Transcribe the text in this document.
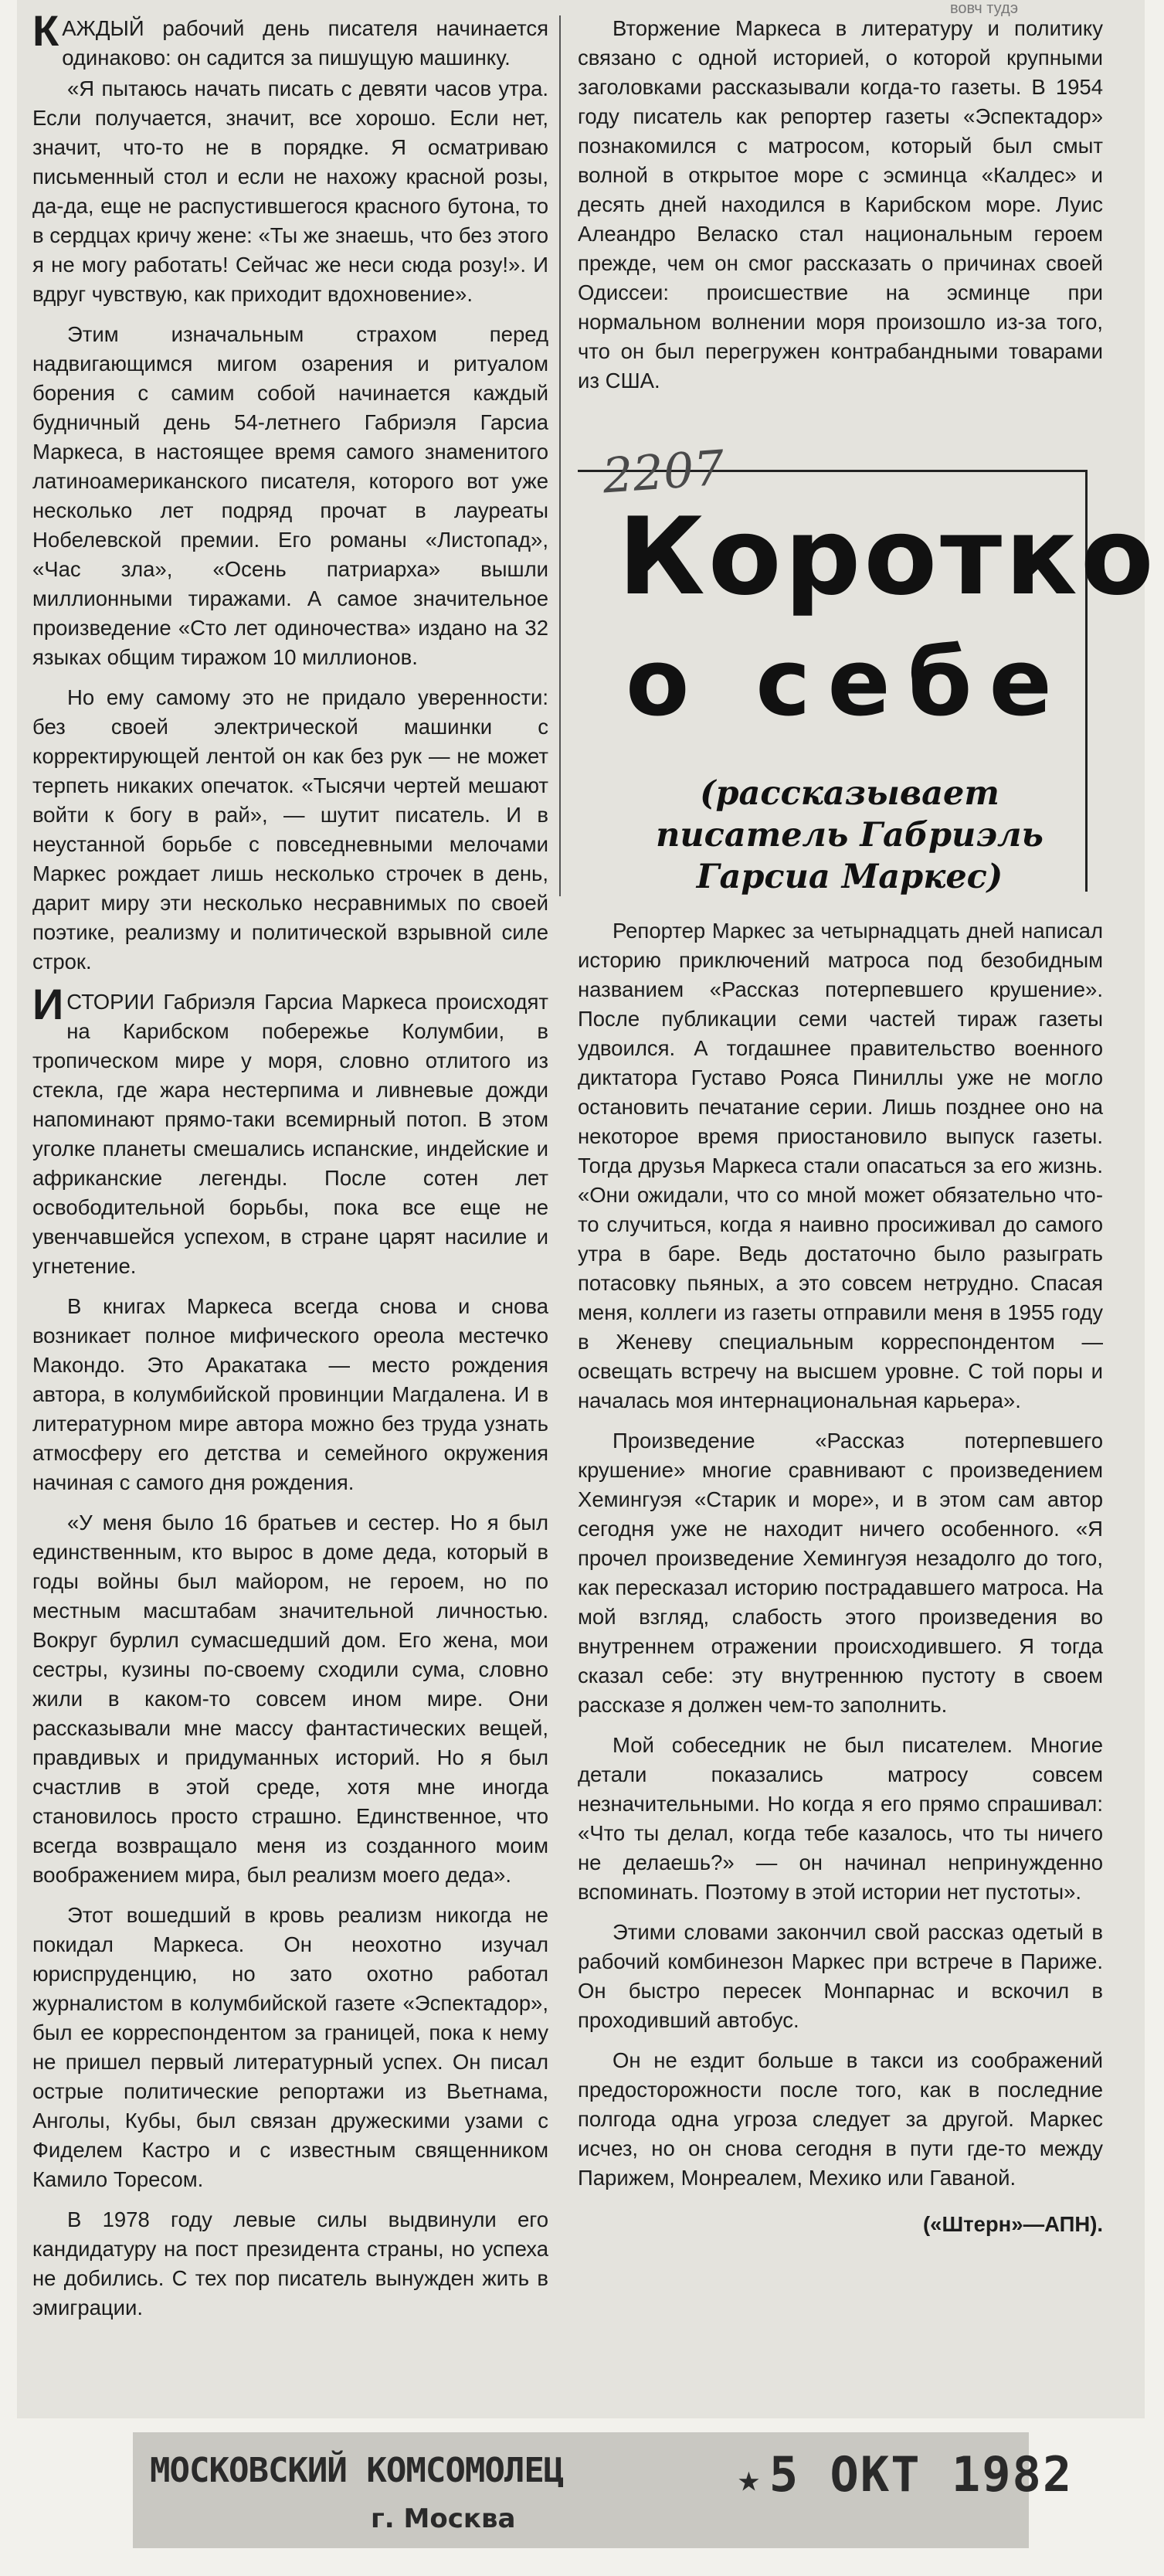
вовч тудэ

КАЖДЫЙ рабочий день писателя начинается одинаково: он садится за пишущую машинку.

«Я пытаюсь начать писать с девяти часов утра. Если получается, значит, все хорошо. Если нет, значит, что-то не в порядке. Я осматриваю письменный стол и если не нахожу красной розы, да-да, еще не распустившегося красного бутона, то в сердцах кричу жене: «Ты же знаешь, что без этого я не могу работать! Сейчас же неси сюда розу!». И вдруг чувствую, как приходит вдохновение».

Этим изначальным страхом перед надвигающимся мигом озарения и ритуалом борения с самим собой начинается каждый будничный день 54-летнего Габриэля Гарсиа Маркеса, в настоящее время самого знаменитого латиноамериканского писателя, которого вот уже несколько лет подряд прочат в лауреаты Нобелевской премии. Его романы «Листопад», «Час зла», «Осень патриарха» вышли миллионными тиражами. А самое значительное произведение «Сто лет одиночества» издано на 32 языках общим тиражом 10 миллионов.

Но ему самому это не придало уверенности: без своей электрической машинки с корректирующей лентой он как без рук — не может терпеть никаких опечаток. «Тысячи чертей мешают войти к богу в рай», — шутит писатель. И в неустанной борьбе с повседневными мелочами Маркес рождает лишь несколько строчек в день, дарит миру эти несколько несравнимых по своей поэтике, реализму и политической взрывной силе строк.

ИСТОРИИ Габриэля Гарсиа Маркеса происходят на Карибском побережье Колумбии, в тропическом мире у моря, словно отлитого из стекла, где жара нестерпима и ливневые дожди напоминают прямо-таки всемирный потоп. В этом уголке планеты смешались испанские, индейские и африканские легенды. После сотен лет освободительной борьбы, пока все еще не увенчавшейся успехом, в стране царят насилие и угнетение.

В книгах Маркеса всегда снова и снова возникает полное мифического ореола местечко Макондо. Это Аракатака — место рождения автора, в колумбийской провинции Магдалена. И в литературном мире автора можно без труда узнать атмосферу его детства и семейного окружения начиная с самого дня рождения.

«У меня было 16 братьев и сестер. Но я был единственным, кто вырос в доме деда, который в годы войны был майором, не героем, но по местным масштабам значительной личностью. Вокруг бурлил сумасшедший дом. Его жена, мои сестры, кузины по-своему сходили сума, словно жили в каком-то совсем ином мире. Они рассказывали мне массу фантастических вещей, правдивых и придуманных историй. Но я был счастлив в этой среде, хотя мне иногда становилось просто страшно. Единственное, что всегда возвращало меня из созданного моим воображением мира, был реализм моего деда».

Этот вошедший в кровь реализм никогда не покидал Маркеса. Он неохотно изучал юриспруденцию, но зато охотно работал журналистом в колумбийской газете «Эспектадор», был ее корреспондентом за границей, пока к нему не пришел первый литературный успех. Он писал острые политические репортажи из Вьетнама, Анголы, Кубы, был связан дружескими узами с Фиделем Кастро и с известным священником Камило Торесом.

В 1978 году левые силы выдвинули его кандидатуру на пост президента страны, но успеха не добились. С тех пор писатель вынужден жить в эмиграции.

Вторжение Маркеса в литературу и политику связано с одной историей, о которой крупными заголовками рассказывали когда-то газеты. В 1954 году писатель как репортер газеты «Эспектадор» познакомился с матросом, который был смыт волной в открытое море с эсминца «Калдес» и десять дней находился в Карибском море. Луис Алеандро Веласко стал национальным героем прежде, чем он смог рассказать о причинах своей Одиссеи: происшествие на эсминце при нормальном волнении моря произошло из-за того, что он был перегружен контрабандными товарами из США.

2207
Коротко
о себе
(рассказывает писатель Габриэль Гарсиа Маркес)

Репортер Маркес за четырнадцать дней написал историю приключений матроса под безобидным названием «Рассказ потерпевшего крушение». После публикации семи частей тираж газеты удвоился. А тогдашнее правительство военного диктатора Густаво Рояса Пиниллы уже не могло остановить печатание серии. Лишь позднее оно на некоторое время приостановило выпуск газеты. Тогда друзья Маркеса стали опасаться за его жизнь. «Они ожидали, что со мной может обязательно что-то случиться, когда я наивно просиживал до самого утра в баре. Ведь достаточно было разыграть потасовку пьяных, а это совсем нетрудно. Спасая меня, коллеги из газеты отправили меня в 1955 году в Женеву специальным корреспондентом — освещать встречу на высшем уровне. С той поры и началась моя интернациональная карьера».

Произведение «Рассказ потерпевшего крушение» многие сравнивают с произведением Хемингуэя «Старик и море», и в этом сам автор сегодня уже не находит ничего особенного. «Я прочел произведение Хемингуэя незадолго до того, как пересказал историю пострадавшего матроса. На мой взгляд, слабость этого произведения во внутреннем отражении происходившего. Я тогда сказал себе: эту внутреннюю пустоту в своем рассказе я должен чем-то заполнить.

Мой собеседник не был писателем. Многие детали показались матросу совсем незначительными. Но когда я его прямо спрашивал: «Что ты делал, когда тебе казалось, что ты ничего не делаешь?» — он начинал непринужденно вспоминать. Поэтому в этой истории нет пустоты».

Этими словами закончил свой рассказ одетый в рабочий комбинезон Маркес при встрече в Париже. Он быстро пересек Монпарнас и вскочил в проходивший автобус.

Он не ездит больше в такси из соображений предосторожности после того, как в последние полгода одна угроза следует за другой. Маркес исчез, но он снова сегодня в пути где-то между Парижем, Монреалем, Мехико или Гаваной.

(«Штерн»—АПН).
МОСКОВСКИЙ КОМСОМОЛЕЦ
г. Москва
★ 5 ОКТ 1982
